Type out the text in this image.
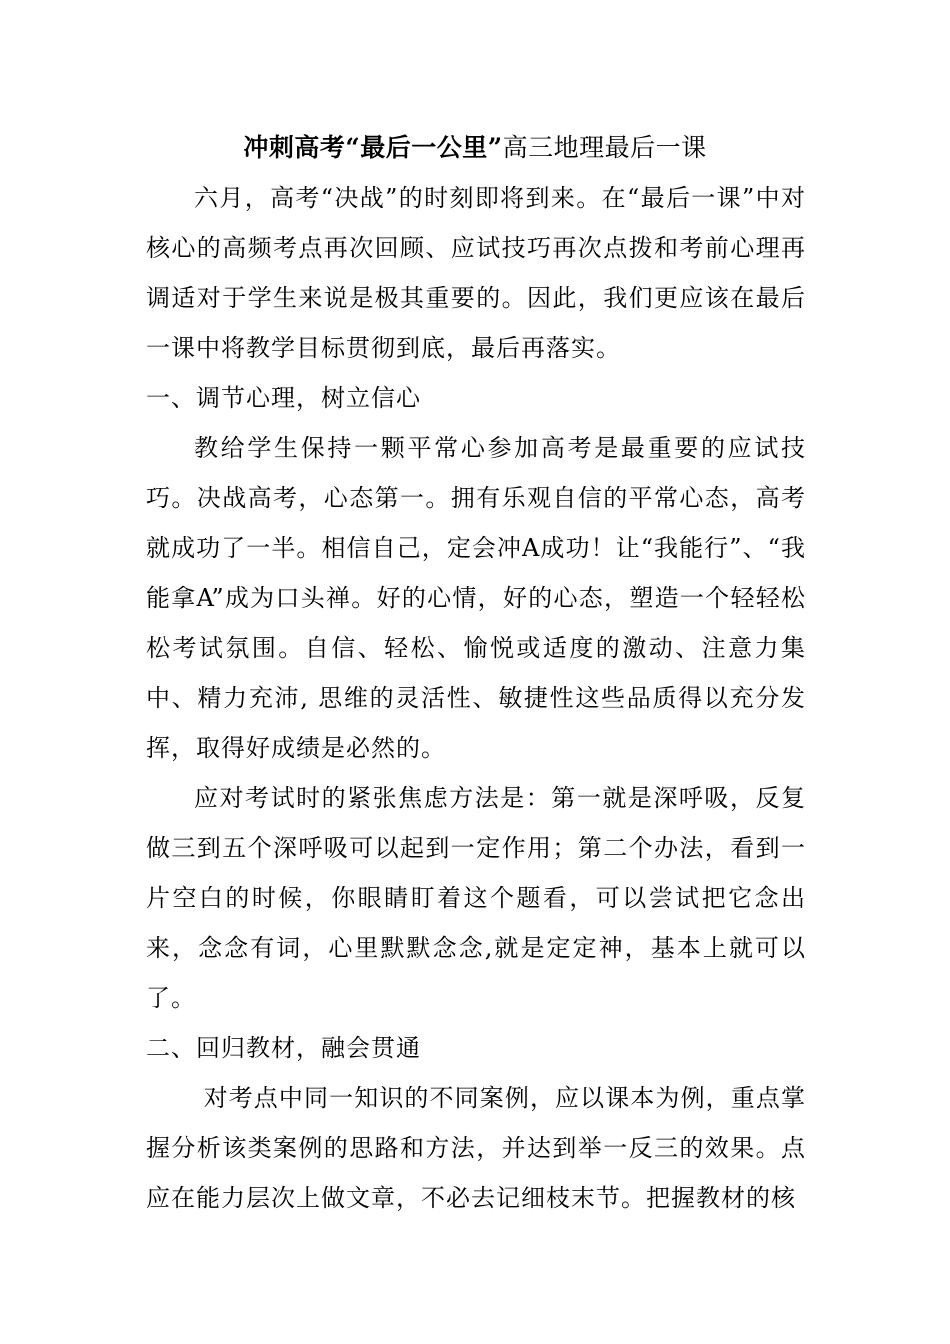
冲刺高考“最后一公里”高三地理最后一课

六月，高考“决战”的时刻即将到来。在“最后一课”中对核心的高频考点再次回顾、应试技巧再次点拨和考前心理再调适对于学生来说是极其重要的。因此，我们更应该在最后一课中将教学目标贯彻到底，最后再落实。

一、调节心理，树立信心

教给学生保持一颗平常心参加高考是最重要的应试技巧。决战高考，心态第一。拥有乐观自信的平常心态，高考就成功了一半。相信自己，定会冲A成功！让“我能行”、“我能拿A”成为口头禅。好的心情，好的心态，塑造一个轻轻松松考试氛围。自信、轻松、愉悦或适度的激动、注意力集中、精力充沛, 思维的灵活性、敏捷性这些品质得以充分发挥，取得好成绩是必然的。

应对考试时的紧张焦虑方法是：第一就是深呼吸，反复做三到五个深呼吸可以起到一定作用；第二个办法，看到一片空白的时候，你眼睛盯着这个题看，可以尝试把它念出来，念念有词，心里默默念念,就是定定神，基本上就可以了。

二、回归教材，融会贯通

对考点中同一知识的不同案例，应以课本为例，重点掌握分析该类案例的思路和方法，并达到举一反三的效果。点应在能力层次上做文章，不必去记细枝末节。把握教材的核
